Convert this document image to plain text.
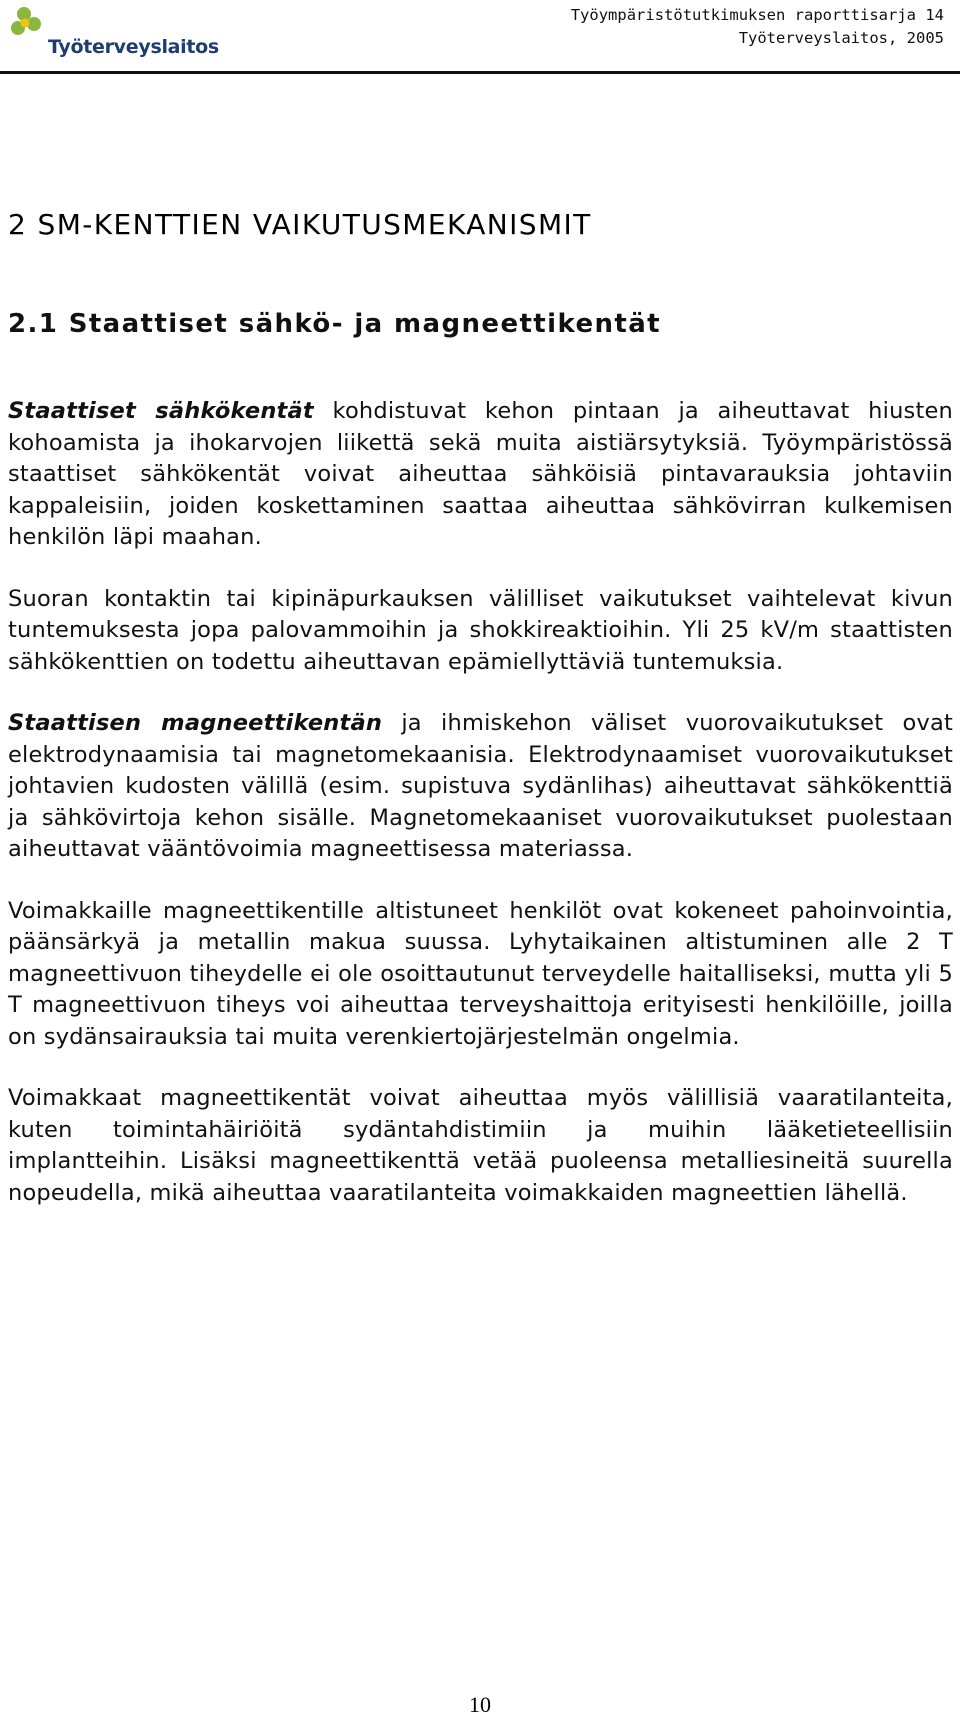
Työterveyslaitos
Työympäristötutkimuksen raporttisarja 14
Työterveyslaitos, 2005
2 SM-KENTTIEN VAIKUTUSMEKANISMIT
2.1 Staattiset sähkö- ja magneettikentät

Staattiset sähkökentät kohdistuvat kehon pintaan ja aiheuttavat hiusten kohoamista ja ihokarvojen liikettä sekä muita aistiärsytyksiä. Työympäristössä staattiset sähkökentät voivat aiheuttaa sähköisiä pintavarauksia johtaviin kappaleisiin, joiden koskettaminen saattaa aiheuttaa sähkövirran kulkemisen henkilön läpi maahan.

Suoran kontaktin tai kipinäpurkauksen välilliset vaikutukset vaihtelevat kivun tuntemuksesta jopa palovammoihin ja shokkireaktioihin. Yli 25 kV/m staattisten sähkökenttien on todettu aiheuttavan epämiellyttäviä tuntemuksia.

Staattisen magneettikentän ja ihmiskehon väliset vuorovaikutukset ovat elektrodynaamisia tai magnetomekaanisia. Elektrodynaamiset vuorovaikutukset johtavien kudosten välillä (esim. supistuva sydänlihas) aiheuttavat sähkökenttiä ja sähkövirtoja kehon sisälle. Magnetomekaaniset vuorovaikutukset puolestaan aiheuttavat vääntövoimia magneettisessa materiassa.

Voimakkaille magneettikentille altistuneet henkilöt ovat kokeneet pahoinvointia, päänsärkyä ja metallin makua suussa. Lyhytaikainen altistuminen alle 2 T magneettivuon tiheydelle ei ole osoittautunut terveydelle haitalliseksi, mutta yli 5 T magneettivuon tiheys voi aiheuttaa terveyshaittoja erityisesti henkilöille, joilla on sydänsairauksia tai muita verenkiertojärjestelmän ongelmia.

Voimakkaat magneettikentät voivat aiheuttaa myös välillisiä vaaratilanteita, kuten toimintahäiriöitä sydäntahdistimiin ja muihin lääketieteellisiin implantteihin. Lisäksi magneettikenttä vetää puoleensa metalliesineitä suurella nopeudella, mikä aiheuttaa vaaratilanteita voimakkaiden magneettien lähellä.

10
